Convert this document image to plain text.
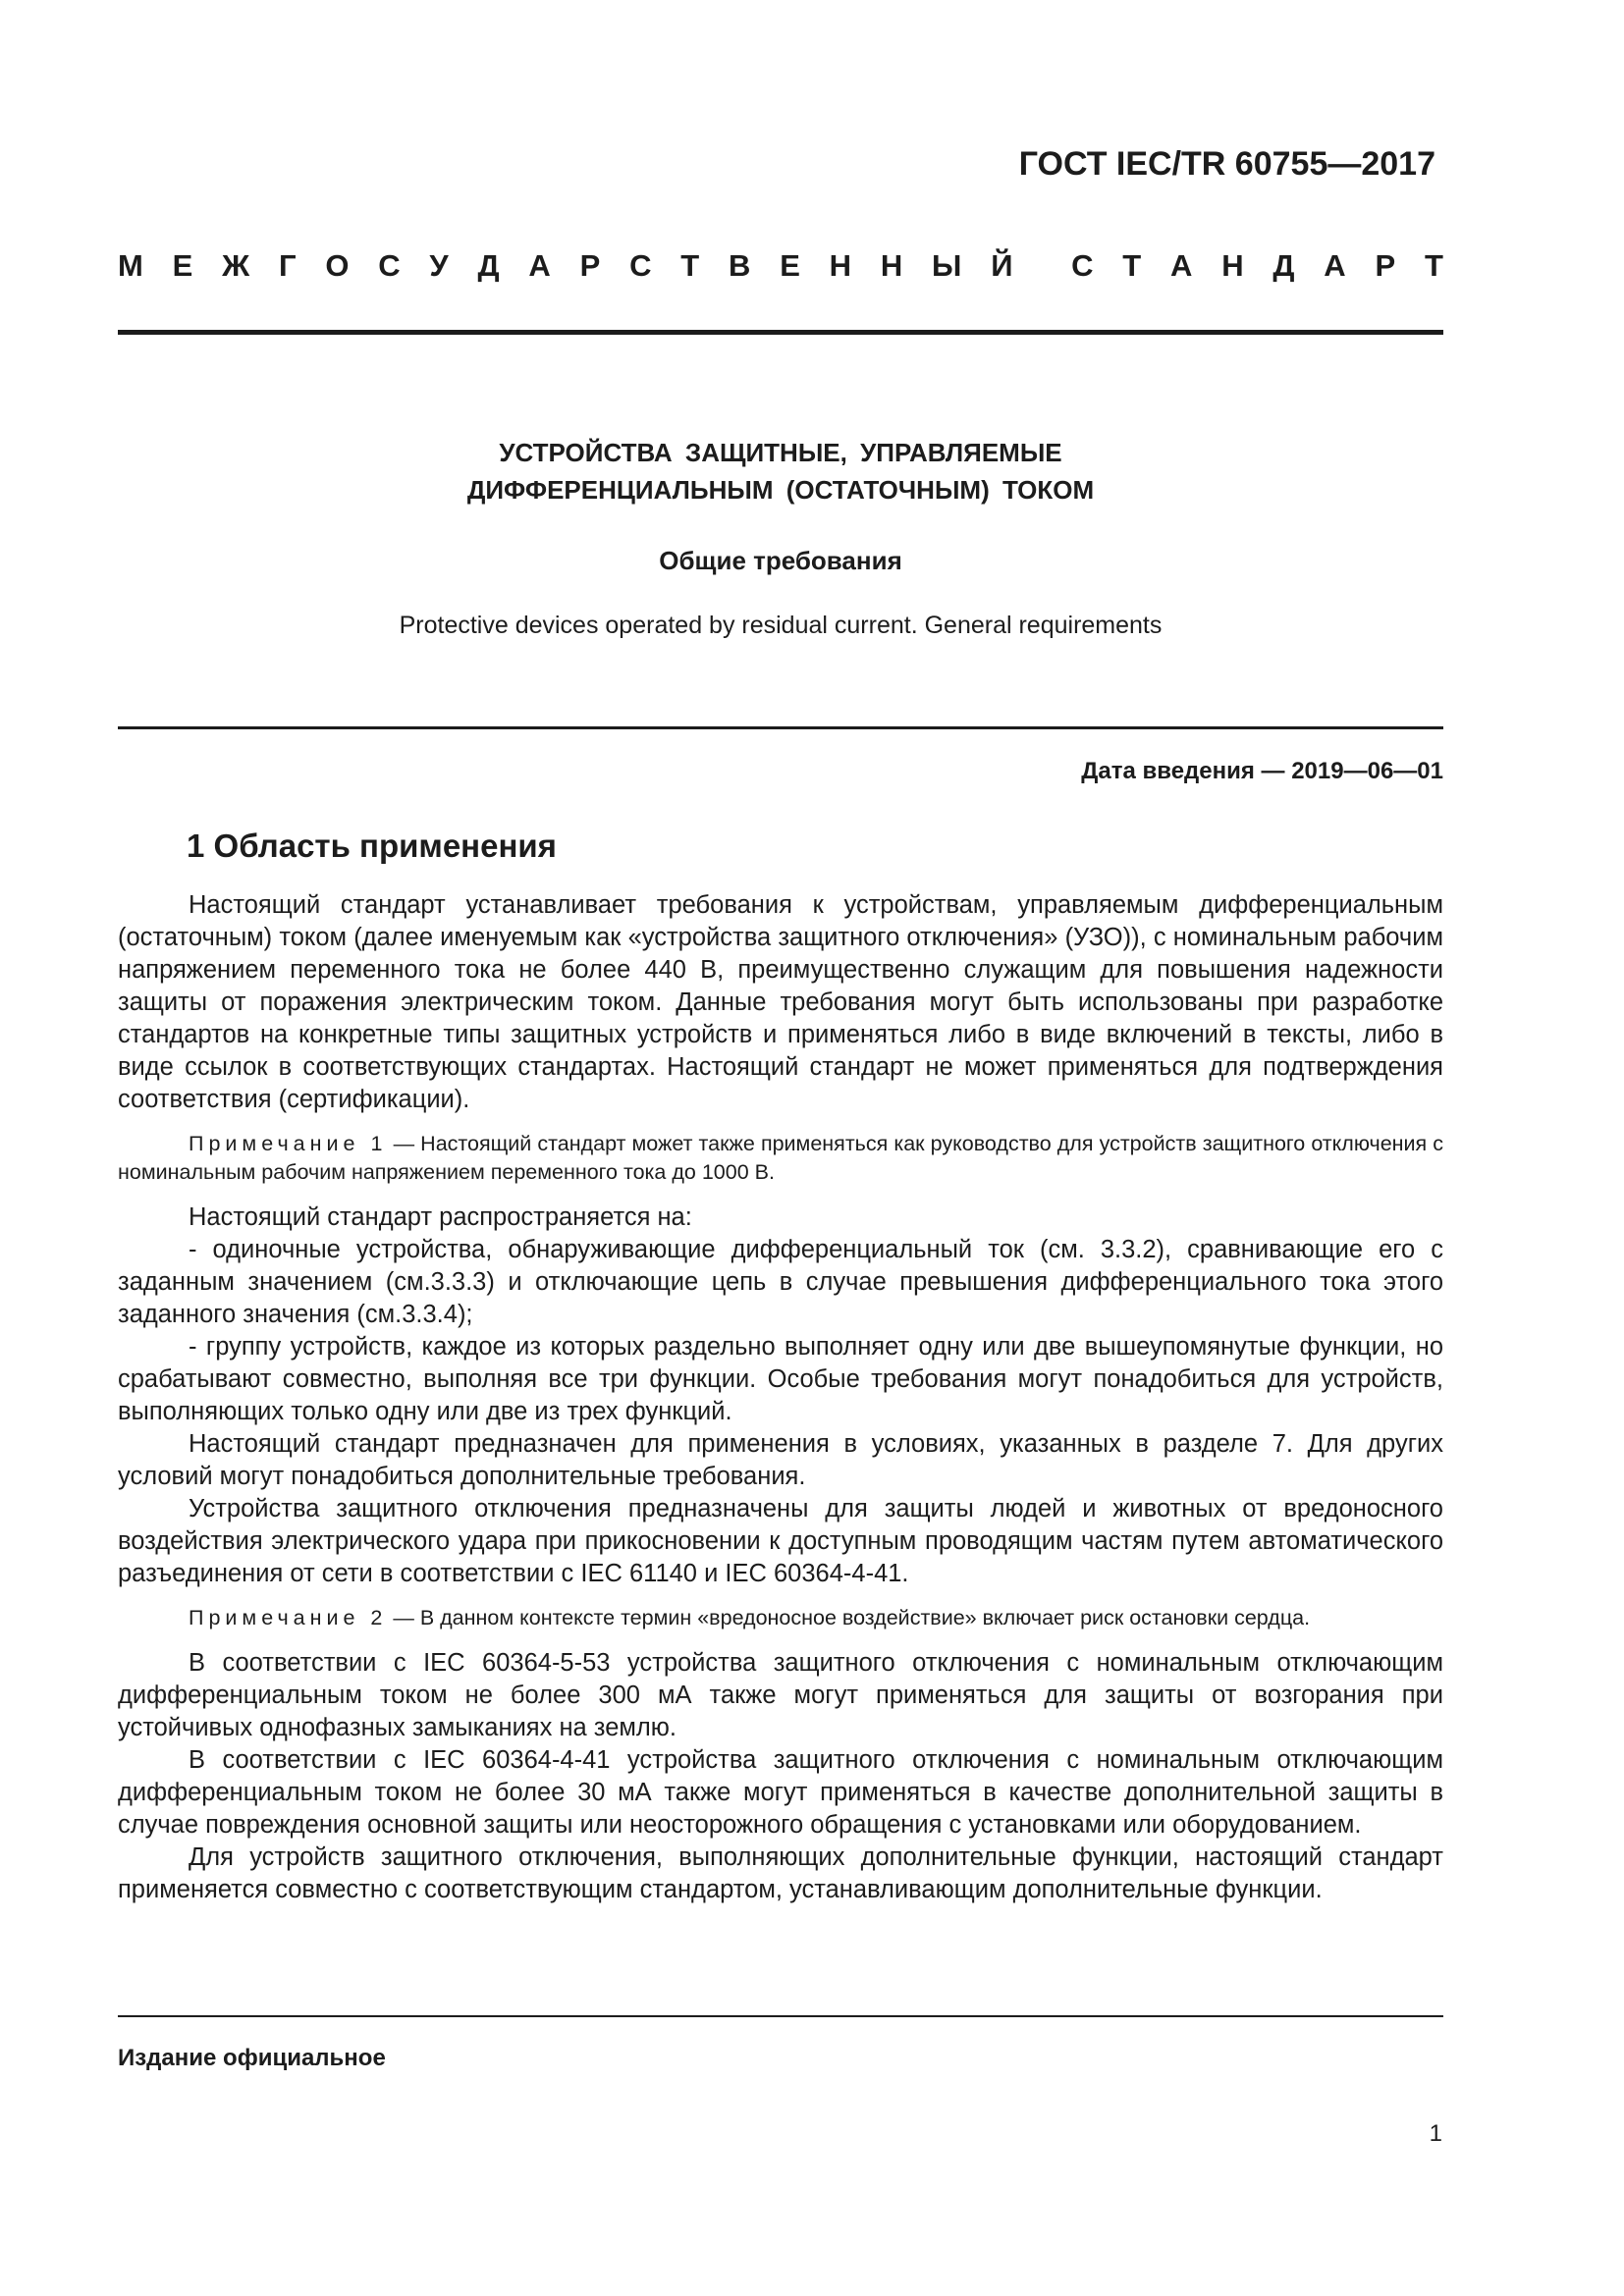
ГОСТ IEC/TR 60755—2017
М Е Ж Г О С У Д А Р С Т В Е Н Н Ы Й С Т А Н Д А Р Т
УСТРОЙСТВА ЗАЩИТНЫЕ, УПРАВЛЯЕМЫЕ
ДИФФЕРЕНЦИАЛЬНЫМ (ОСТАТОЧНЫМ) ТОКОМ
Общие требования
Protective devices operated by residual current. General requirements
Дата введения — 2019—06—01
1 Область применения

Настоящий стандарт устанавливает требования к устройствам, управляемым дифференциальным (остаточным) током (далее именуемым как «устройства защитного отключения» (УЗО)), с номинальным рабочим напряжением переменного тока не более 440 В, преимущественно служащим для повышения надежности защиты от поражения электрическим током. Данные требования могут быть использованы при разработке стандартов на конкретные типы защитных устройств и применяться либо в виде включений в тексты, либо в виде ссылок в соответствующих стандартах. Настоящий стандарт не может применяться для подтверждения соответствия (сертификации).

Примечание 1 — Настоящий стандарт может также применяться как руководство для устройств защитного отключения с номинальным рабочим напряжением переменного тока до 1000 В.

Настоящий стандарт распространяется на:

- одиночные устройства, обнаруживающие дифференциальный ток (см. 3.3.2), сравнивающие его с заданным значением (см.3.3.3) и отключающие цепь в случае превышения дифференциального тока этого заданного значения (см.3.3.4);

- группу устройств, каждое из которых раздельно выполняет одну или две вышеупомянутые функции, но срабатывают совместно, выполняя все три функции. Особые требования могут понадобиться для устройств, выполняющих только одну или две из трех функций.

Настоящий стандарт предназначен для применения в условиях, указанных в разделе 7. Для других условий могут понадобиться дополнительные требования.

Устройства защитного отключения предназначены для защиты людей и животных от вредоносного воздействия электрического удара при прикосновении к доступным проводящим частям путем автоматического разъединения от сети в соответствии с IEC 61140 и IEC 60364-4-41.

Примечание 2 — В данном контексте термин «вредоносное воздействие» включает риск остановки сердца.

В соответствии с IEC 60364-5-53 устройства защитного отключения с номинальным отключающим дифференциальным током не более 300 мА также могут применяться для защиты от возгорания при устойчивых однофазных замыканиях на землю.

В соответствии с IEC 60364-4-41 устройства защитного отключения с номинальным отключающим дифференциальным током не более 30 мА также могут применяться в качестве дополнительной защиты в случае повреждения основной защиты или неосторожного обращения с установками или оборудованием.

Для устройств защитного отключения, выполняющих дополнительные функции, настоящий стандарт применяется совместно с соответствующим стандартом, устанавливающим дополнительные функции.

Издание официальное
1
